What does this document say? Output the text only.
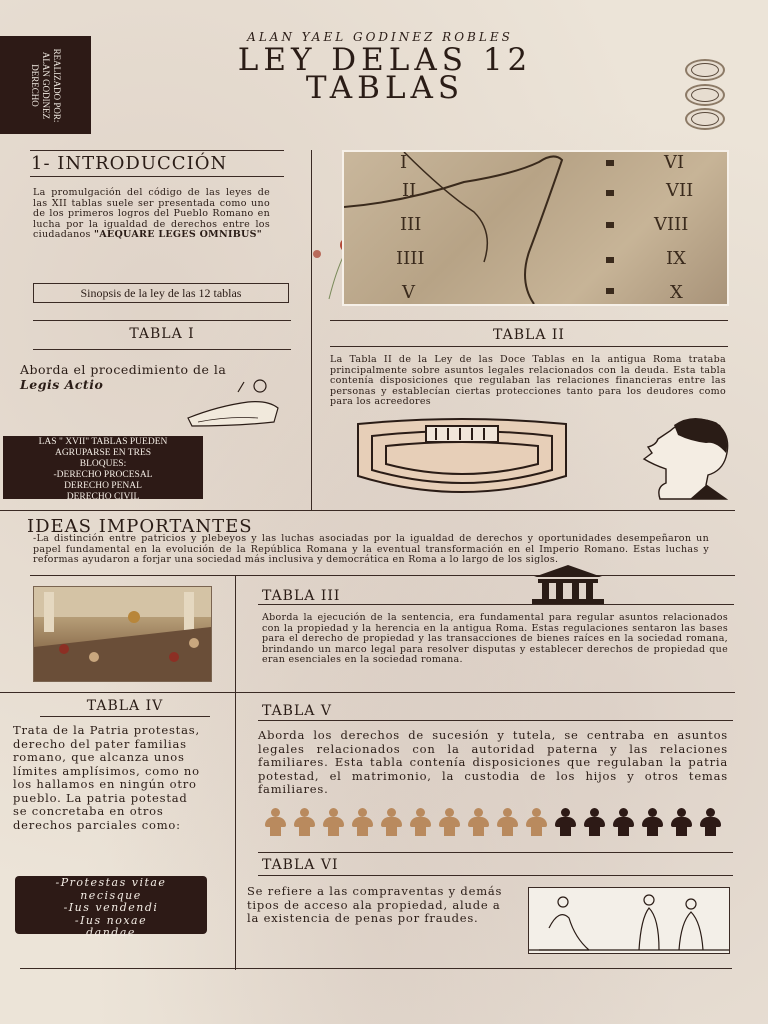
REALIZADO POR:
ALAN GODINEZ
DERECHO
ALAN YAEL GODINEZ ROBLES
LEY DELAS 12
TABLAS
1- INTRODUCCIÓN
La promulgación del código de las leyes de las XII tablas suele ser presentada como uno de los primeros logros del Pueblo Romano en lucha por la igualdad de derechos entre los ciudadanos "AEQUARE LEGES OMNIBUS"
Sinopsis de la ley de las 12 tablas
I
II
III
IIII
V
VI
VII
VIII
IX
X
TABLA I
Aborda el procedimiento de la
Legis Actio
LAS " XVII" TABLAS PUEDEN
AGRUPARSE EN TRES
BLOQUES:
-DERECHO PROCESAL
DERECHO PENAL
DERECHO CIVIL
TABLA II
La Tabla II de la Ley de las Doce Tablas en la antigua Roma trataba principalmente sobre asuntos legales relacionados con la deuda. Esta tabla contenía disposiciones que regulaban las relaciones financieras entre las personas y establecían ciertas protecciones tanto para los deudores como para los acreedores
IDEAS IMPORTANTES
-La distinción entre patricios y plebeyos y las luchas asociadas por la igualdad de derechos y oportunidades desempeñaron un papel fundamental en la evolución de la República Romana y la eventual transformación en el Imperio Romano. Estas luchas y reformas ayudaron a forjar una sociedad más inclusiva y democrática en Roma a lo largo de los siglos.
TABLA III
Aborda la ejecución de la sentencia, era fundamental para regular asuntos relacionados con la propiedad y la herencia en la antigua Roma. Estas regulaciones sentaron las bases para el derecho de propiedad y las transacciones de bienes raíces en la sociedad romana, brindando un marco legal para resolver disputas y establecer derechos de propiedad que eran esenciales en la sociedad romana.
TABLA IV
Trata de la Patria protestas, derecho del pater familias romano, que alcanza unos límites amplísimos, como no los hallamos en ningún otro pueblo. La patria potestad se concretaba en otros derechos parciales como:
-Protestas vitae
necisque
-Ius vendendi
-Ius noxae
dandae
TABLA V
Aborda los derechos de sucesión y tutela, se centraba en asuntos legales relacionados con la autoridad paterna y las relaciones familiares. Esta tabla contenía disposiciones que regulaban la patria potestad, el matrimonio, la custodia de los hijos y otros temas familiares.
TABLA VI
Se refiere a las compraventas y demás tipos de acceso ala propiedad, alude a la existencia de penas por fraudes.
